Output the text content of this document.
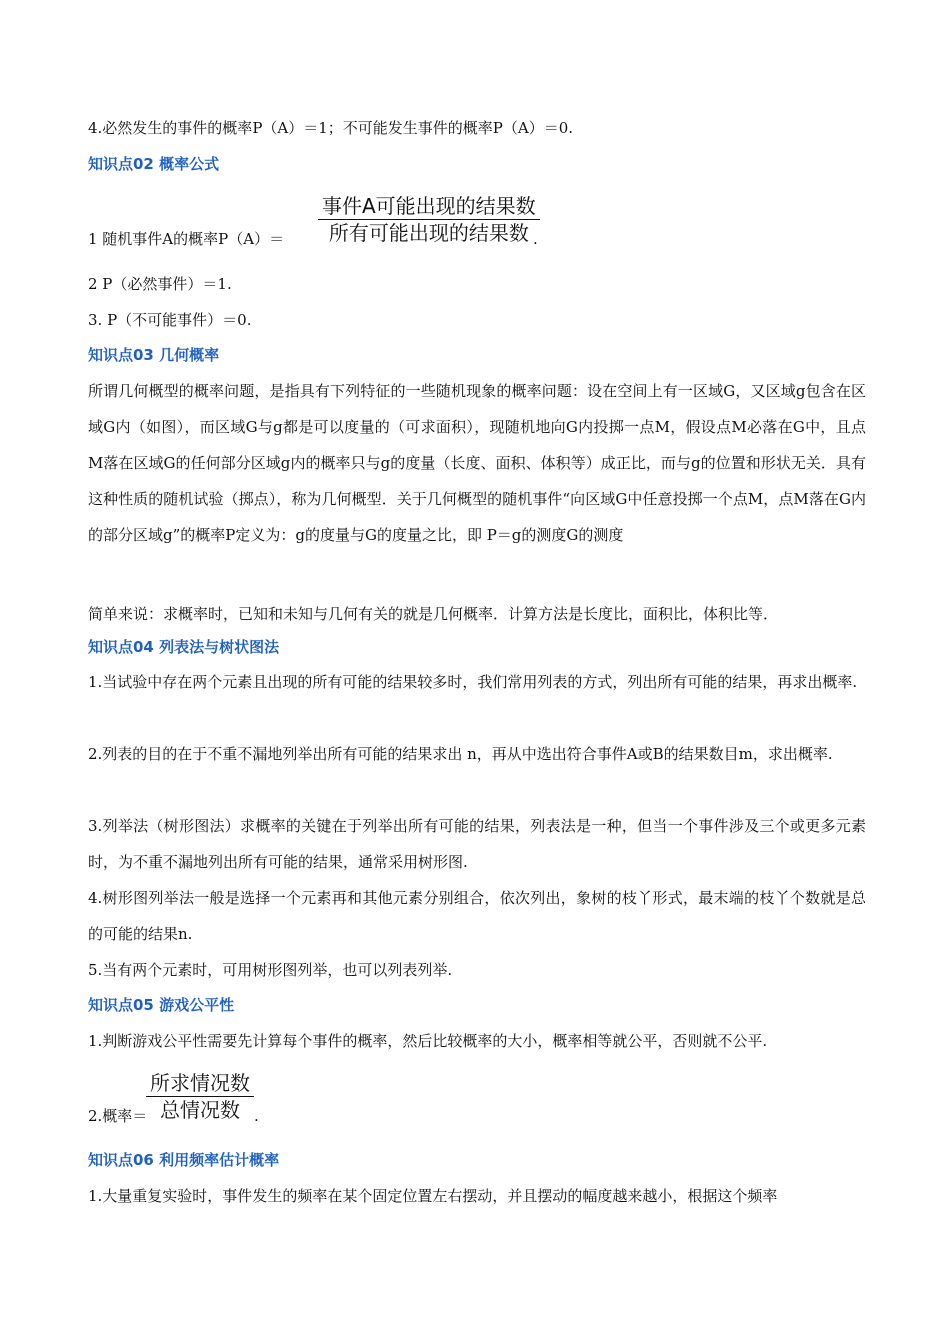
4.必然发生的事件的概率P（A）＝1；不可能发生事件的概率P（A）＝0.
知识点02 概率公式
1 随机事件A的概率P（A）＝
事件A可能出现的结果数
所有可能出现的结果数 .
2 P（必然事件）＝1.
3. P（不可能事件）＝0.
知识点03 几何概率
所谓几何概型的概率问题，是指具有下列特征的一些随机现象的概率问题：设在空间上有一区域G，又区域g包含在区域G内（如图），而区域G与g都是可以度量的（可求面积），现随机地向G内投掷一点M，假设点M必落在G中，且点M落在区域G的任何部分区域g内的概率只与g的度量（长度、面积、体积等）成正比，而与g的位置和形状无关．具有这种性质的随机试验（掷点），称为几何概型．关于几何概型的随机事件“向区域G中任意投掷一个点M，点M落在G内的部分区域g”的概率P定义为：g的度量与G的度量之比，即 P＝g的测度G的测度
简单来说：求概率时，已知和未知与几何有关的就是几何概率．计算方法是长度比，面积比，体积比等．
知识点04 列表法与树状图法
1.当试验中存在两个元素且出现的所有可能的结果较多时，我们常用列表的方式，列出所有可能的结果，再求出概率.
2.列表的目的在于不重不漏地列举出所有可能的结果求出 n，再从中选出符合事件A或B的结果数目m，求出概率.
3.列举法（树形图法）求概率的关键在于列举出所有可能的结果，列表法是一种，但当一个事件涉及三个或更多元素时，为不重不漏地列出所有可能的结果，通常采用树形图.
4.树形图列举法一般是选择一个元素再和其他元素分别组合，依次列出，象树的枝丫形式，最末端的枝丫个数就是总的可能的结果n.
5.当有两个元素时，可用树形图列举，也可以列表列举.
知识点05 游戏公平性
1.判断游戏公平性需要先计算每个事件的概率，然后比较概率的大小，概率相等就公平，否则就不公平.
2.概率＝
所求情况数
总情况数 .
知识点06 利用频率估计概率
1.大量重复实验时，事件发生的频率在某个固定位置左右摆动，并且摆动的幅度越来越小，根据这个频率
